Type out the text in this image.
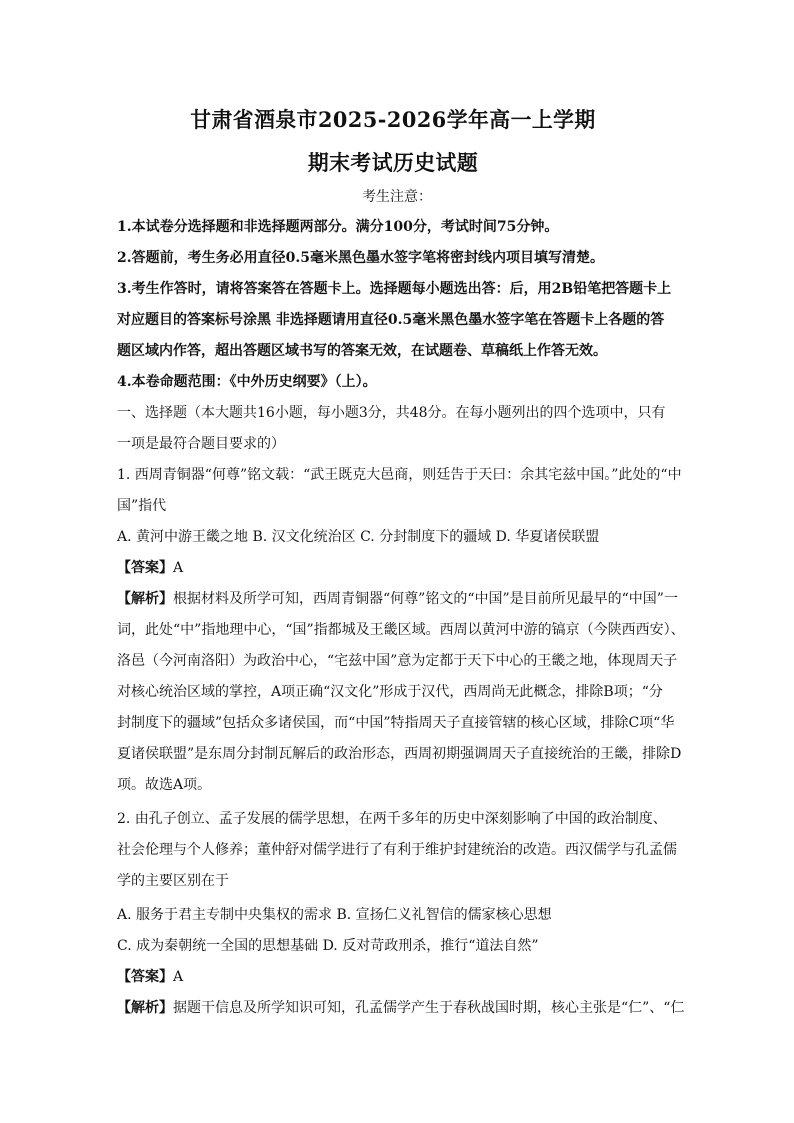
甘肃省酒泉市2025-2026学年高一上学期
期末考试历史试题
考生注意：
1.本试卷分选择题和非选择题两部分。满分100分，考试时间75分钟。
2.答题前，考生务必用直径0.5毫米黑色墨水签字笔将密封线内项目填写清楚。
3.考生作答时，请将答案答在答题卡上。选择题每小题选出答：后，用2B铅笔把答题卡上
对应题目的答案标号涂黑 非选择题请用直径0.5毫米黑色墨水签字笔在答题卡上各题的答
题区域内作答，超出答题区域书写的答案无效，在试题卷、草稿纸上作答无效。
4.本卷命题范围：《中外历史纲要》（上）。
一、选择题（本大题共16小题，每小题3分，共48分。在每小题列出的四个选项中，只有
一项是最符合题目要求的）
1. 西周青铜器“何尊”铭文载：“武王既克大邑商，则廷告于天曰：余其宅兹中国。”此处的“中
国”指代
A. 黄河中游王畿之地 B. 汉文化统治区 C. 分封制度下的疆域 D. 华夏诸侯联盟
【答案】A
【解析】根据材料及所学可知，西周青铜器“何尊”铭文的“中国”是目前所见最早的“中国”一
词，此处“中”指地理中心，“国”指都城及王畿区域。西周以黄河中游的镐京（今陕西西安）、
洛邑（今河南洛阳）为政治中心，“宅兹中国”意为定都于天下中心的王畿之地，体现周天子
对核心统治区域的掌控，A项正确“汉文化”形成于汉代，西周尚无此概念，排除B项；“分
封制度下的疆域”包括众多诸侯国，而“中国”特指周天子直接管辖的核心区域，排除C项“华
夏诸侯联盟”是东周分封制瓦解后的政治形态，西周初期强调周天子直接统治的王畿，排除D
项。故选A项。
2. 由孔子创立、孟子发展的儒学思想，在两千多年的历史中深刻影响了中国的政治制度、
社会伦理与个人修养；董仲舒对儒学进行了有利于维护封建统治的改造。西汉儒学与孔孟儒
学的主要区别在于
A. 服务于君主专制中央集权的需求 B. 宣扬仁义礼智信的儒家核心思想
C. 成为秦朝统一全国的思想基础 D. 反对苛政刑杀，推行“道法自然”
【答案】A
【解析】据题干信息及所学知识可知，孔孟儒学产生于春秋战国时期，核心主张是“仁”、“仁
